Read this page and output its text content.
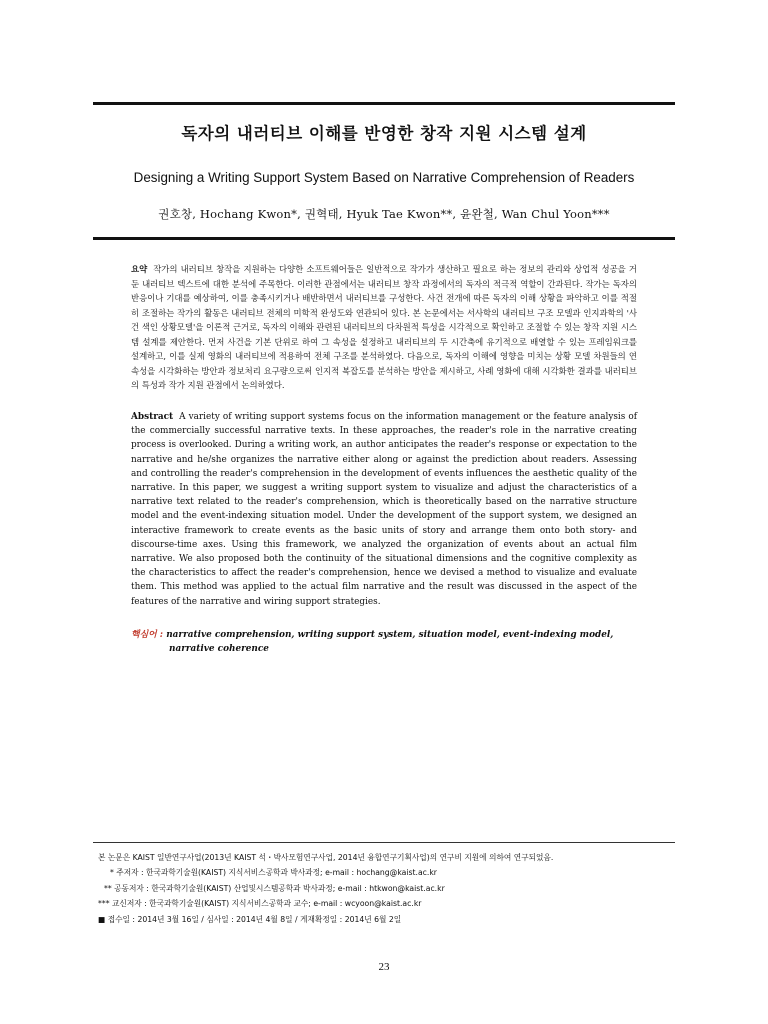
독자의 내러티브 이해를 반영한 창작 지원 시스템 설계
Designing a Writing Support System Based on Narrative Comprehension of Readers
권호창, Hochang Kwon*, 권혁태, Hyuk Tae Kwon**, 윤완철, Wan Chul Yoon***
요약 작가의 내러티브 창작을 지원하는 다양한 소프트웨어들은 일반적으로 작가가 생산하고 필요로 하는 정보의 관리와 상업적 성공을 거둔 내러티브 텍스트에 대한 분석에 주목한다. 이러한 관점에서는 내러티브 창작 과정에서의 독자의 적극적 역할이 간과된다. 작가는 독자의 반응이나 기대를 예상하여, 이를 충족시키거나 배반하면서 내러티브를 구성한다. 사건 전개에 따른 독자의 이해 상황을 파악하고 이를 적절히 조절하는 작가의 활동은 내러티브 전체의 미학적 완성도와 연관되어 있다. 본 논문에서는 서사학의 내러티브 구조 모델과 인지과학의 '사건 색인 상황모델'을 이론적 근거로, 독자의 이해와 관련된 내러티브의 다차원적 특성을 시각적으로 확인하고 조절할 수 있는 창작 지원 시스템 설계를 제안한다. 먼저 사건을 기본 단위로 하여 그 속성을 설정하고 내러티브의 두 시간축에 유기적으로 배열할 수 있는 프레임워크를 설계하고, 이를 실제 영화의 내러티브에 적용하여 전체 구조를 분석하였다. 다음으로, 독자의 이해에 영향을 미치는 상황 모델 차원들의 연속성을 시각화하는 방안과 정보처리 요구량으로써 인지적 복잡도를 분석하는 방안을 제시하고, 사례 영화에 대해 시각화한 결과를 내러티브의 특성과 작가 지원 관점에서 논의하였다.
Abstract A variety of writing support systems focus on the information management or the feature analysis of the commercially successful narrative texts. In these approaches, the reader's role in the narrative creating process is overlooked. During a writing work, an author anticipates the reader's response or expectation to the narrative and he/she organizes the narrative either along or against the prediction about readers. Assessing and controlling the reader's comprehension in the development of events influences the aesthetic quality of the narrative. In this paper, we suggest a writing support system to visualize and adjust the characteristics of a narrative text related to the reader's comprehension, which is theoretically based on the narrative structure model and the event-indexing situation model. Under the development of the support system, we designed an interactive framework to create events as the basic units of story and arrange them onto both story- and discourse-time axes. Using this framework, we analyzed the organization of events about an actual film narrative. We also proposed both the continuity of the situational dimensions and the cognitive complexity as the characteristics to affect the reader's comprehension, hence we devised a method to visualize and evaluate them. This method was applied to the actual film narrative and the result was discussed in the aspect of the features of the narrative and wiring support strategies.
핵심어 : narrative comprehension, writing support system, situation model, event-indexing model,
narrative coherence
본 논문은 KAIST 일반연구사업(2013년 KAIST 석・박사모험연구사업, 2014년 융합연구기획사업)의 연구비 지원에 의하여 연구되었음.
* 주저자 : 한국과학기술원(KAIST) 지식서비스공학과 박사과정; e-mail : hochang@kaist.ac.kr
** 공동저자 : 한국과학기술원(KAIST) 산업및시스템공학과 박사과정; e-mail : htkwon@kaist.ac.kr
*** 교신저자 : 한국과학기술원(KAIST) 지식서비스공학과 교수; e-mail : wcyoon@kaist.ac.kr
■ 접수일 : 2014년 3월 16일 / 심사일 : 2014년 4월 8일 / 게재확정일 : 2014년 6월 2일
23
